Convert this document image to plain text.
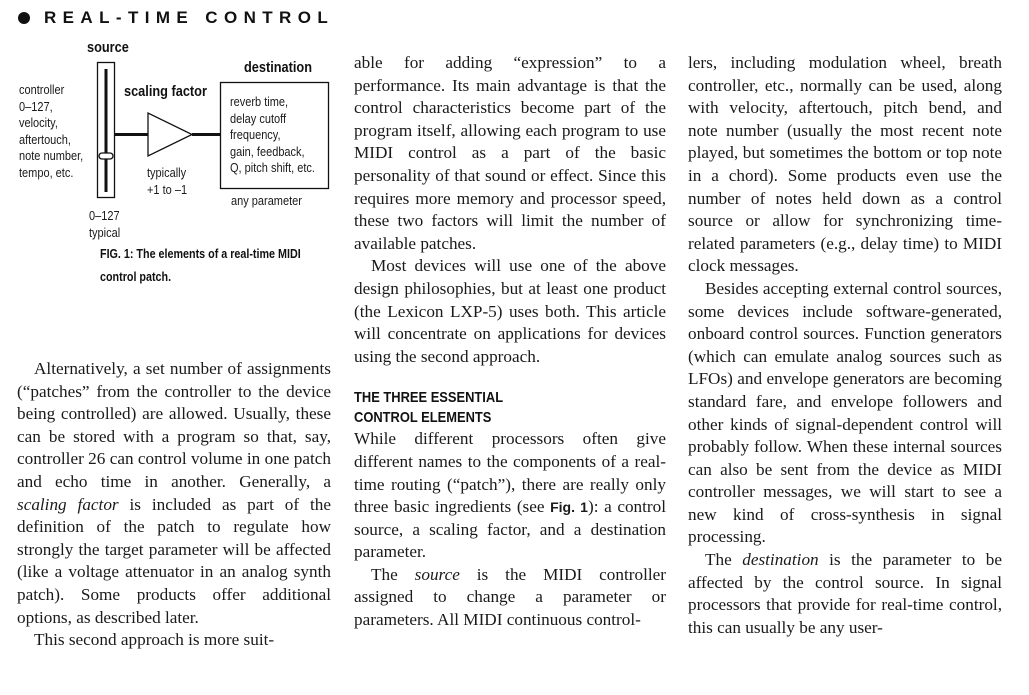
REAL-TIME CONTROL
source
scaling factor
destination
controller
0–127,
velocity,
aftertouch,
note number,
tempo, etc.
0–127
typical
typically
+1 to –1
reverb time,
delay cutoff
frequency,
gain, feedback,
Q, pitch shift, etc.
any parameter
FIG. 1: The elements of a real-time MIDI
control patch.

Alternatively, a set number of assignments (“patches” from the controller to the device being controlled) are allowed. Usually, these can be stored with a program so that, say, controller 26 can control volume in one patch and echo time in another. Generally, a scaling factor is included as part of the definition of the patch to regulate how strongly the target parameter will be affected (like a voltage attenuator in an analog synth patch). Some products offer additional options, as described later.

This second approach is more suit-

able for adding “expression” to a performance. Its main advantage is that the control characteristics become part of the program itself, allowing each program to use MIDI control as a part of the basic personality of that sound or effect. Since this requires more memory and processor speed, these two factors will limit the number of available patches.

Most devices will use one of the above design philosophies, but at least one product (the Lexicon LXP-5) uses both. This article will concentrate on applications for devices using the second approach.

THE THREE ESSENTIAL
CONTROL ELEMENTS

While different processors often give different names to the components of a real-time routing (“patch”), there are really only three basic ingredients (see Fig. 1): a control source, a scaling factor, and a destination parameter.

The source is the MIDI controller assigned to change a parameter or parameters. All MIDI continuous control-

lers, including modulation wheel, breath controller, etc., normally can be used, along with velocity, aftertouch, pitch bend, and note number (usually the most recent note played, but sometimes the bottom or top note in a chord). Some products even use the number of notes held down as a control source or allow for synchronizing time-related parameters (e.g., delay time) to MIDI clock messages.

Besides accepting external control sources, some devices include software-generated, onboard control sources. Function generators (which can emulate analog sources such as LFOs) and envelope generators are becoming standard fare, and envelope followers and other kinds of signal-dependent control will probably follow. When these internal sources can also be sent from the device as MIDI controller messages, we will start to see a new kind of cross-synthesis in signal processing.

The destination is the parameter to be affected by the control source. In signal processors that provide for real-time control, this can usually be any user-
